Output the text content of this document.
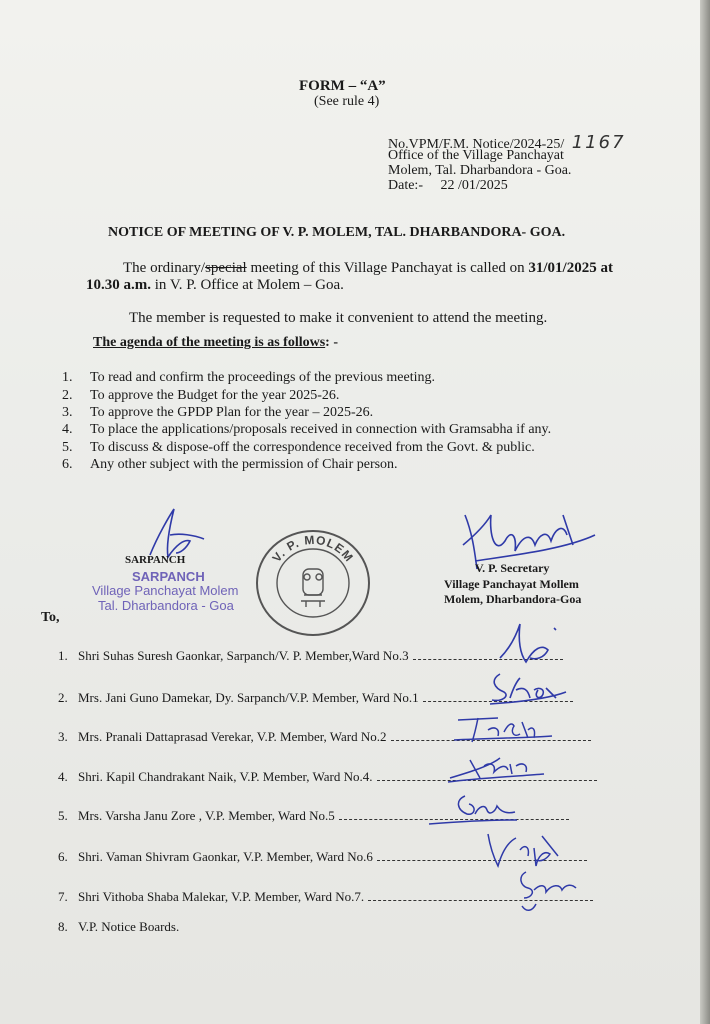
FORM – “A”
(See rule 4)
No.VPM/F.M. Notice/2024-25/ 1167
Office of the Village Panchayat
Molem, Tal. Dharbandora - Goa.
Date:- 22 /01/2025
NOTICE OF MEETING OF V. P. MOLEM, TAL. DHARBANDORA- GOA.
The ordinary/special meeting of this Village Panchayat is called on 31/01/2025 at
10.30 a.m. in V. P. Office at Molem – Goa.
The member is requested to make it convenient to attend the meeting.
The agenda of the meeting is as follows: -
1. To read and confirm the proceedings of the previous meeting.
2. To approve the Budget for the year 2025-26.
3. To approve the GPDP Plan for the year – 2025-26.
4. To place the applications/proposals received in connection with Gramsabha if any.
5. To discuss & dispose-off the correspondence received from the Govt. & public.
6. Any other subject with the permission of Chair person.
SARPANCH
SARPANCH
Village Panchayat Molem
Tal. Dharbandora - Goa
V. P. MOLEM
V. P. Secretary
Village Panchayat Mollem
Molem, Dharbandora-Goa
To,
1. Shri Suhas Suresh Gaonkar, Sarpanch/V. P. Member,Ward No.3
2. Mrs. Jani Guno Damekar, Dy. Sarpanch/V.P. Member, Ward No.1
3. Mrs. Pranali Dattaprasad Verekar, V.P. Member, Ward No.2
4. Shri. Kapil Chandrakant Naik, V.P. Member, Ward No.4.
5. Mrs. Varsha Janu Zore , V.P. Member, Ward No.5
6. Shri. Vaman Shivram Gaonkar, V.P. Member, Ward No.6
7. Shri Vithoba Shaba Malekar, V.P. Member, Ward No.7.
8. V.P. Notice Boards.
